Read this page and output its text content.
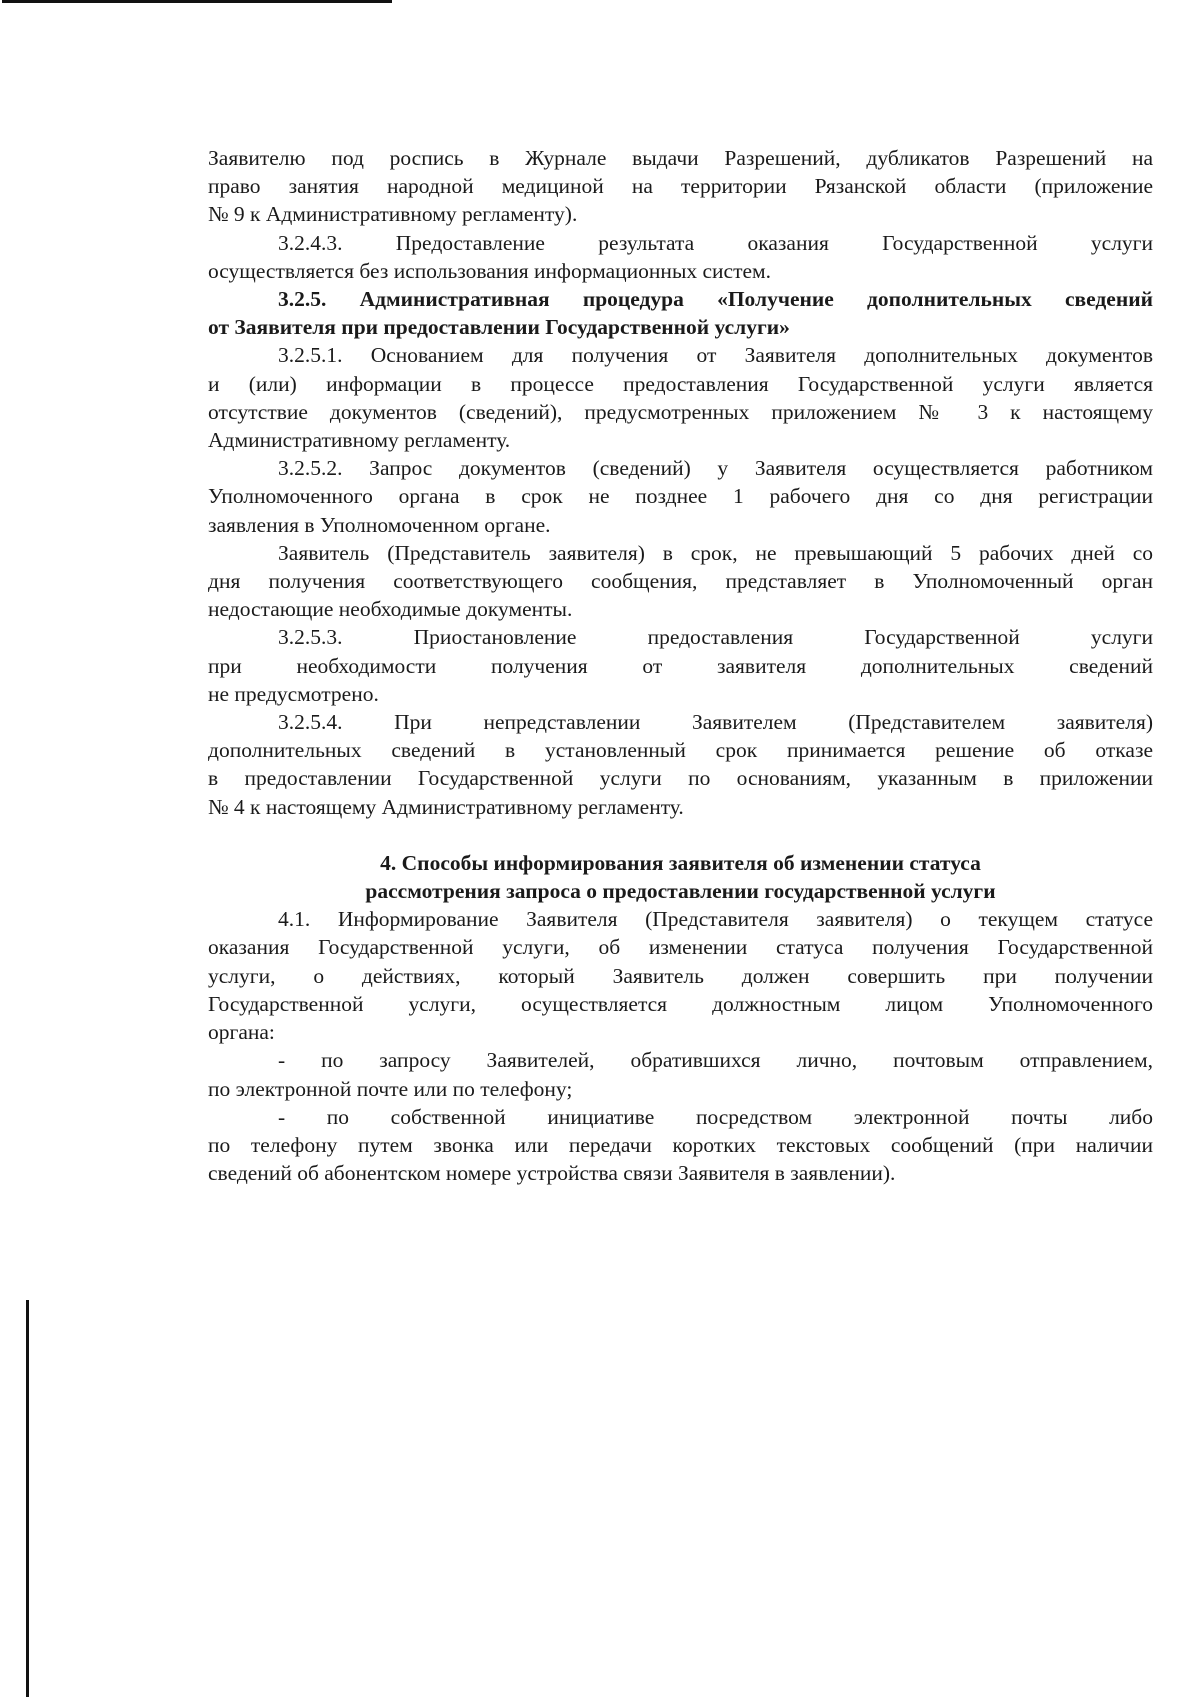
Заявителю под роспись в Журнале выдачи Разрешений, дубликатов Разрешений на
право занятия народной медициной на территории Рязанской области (приложение
№ 9 к Административному регламенту).

3.2.4.3. Предоставление результата оказания Государственной услуги
осуществляется без использования информационных систем.

3.2.5. Административная процедура «Получение дополнительных сведений
от Заявителя при предоставлении Государственной услуги»

3.2.5.1. Основанием для получения от Заявителя дополнительных документов
и (или) информации в процессе предоставления Государственной услуги является
отсутствие документов (сведений), предусмотренных приложением № 3 к настоящему
Административному регламенту.

3.2.5.2. Запрос документов (сведений) у Заявителя осуществляется работником
Уполномоченного органа в срок не позднее 1 рабочего дня со дня регистрации
заявления в Уполномоченном органе.

Заявитель (Представитель заявителя) в срок, не превышающий 5 рабочих дней со
дня получения соответствующего сообщения, представляет в Уполномоченный орган
недостающие необходимые документы.

3.2.5.3. Приостановление предоставления Государственной услуги
при необходимости получения от заявителя дополнительных сведений
не предусмотрено.

3.2.5.4. При непредставлении Заявителем (Представителем заявителя)
дополнительных сведений в установленный срок принимается решение об отказе
в предоставлении Государственной услуги по основаниям, указанным в приложении
№ 4 к настоящему Административному регламенту.

4. Способы информирования заявителя об изменении статуса
рассмотрения запроса о предоставлении государственной услуги

4.1. Информирование Заявителя (Представителя заявителя) о текущем статусе
оказания Государственной услуги, об изменении статуса получения Государственной
услуги, о действиях, который Заявитель должен совершить при получении
Государственной услуги, осуществляется должностным лицом Уполномоченного
органа:

- по запросу Заявителей, обратившихся лично, почтовым отправлением,
по электронной почте или по телефону;

- по собственной инициативе посредством электронной почты либо
по телефону путем звонка или передачи коротких текстовых сообщений (при наличии
сведений об абонентском номере устройства связи Заявителя в заявлении).
